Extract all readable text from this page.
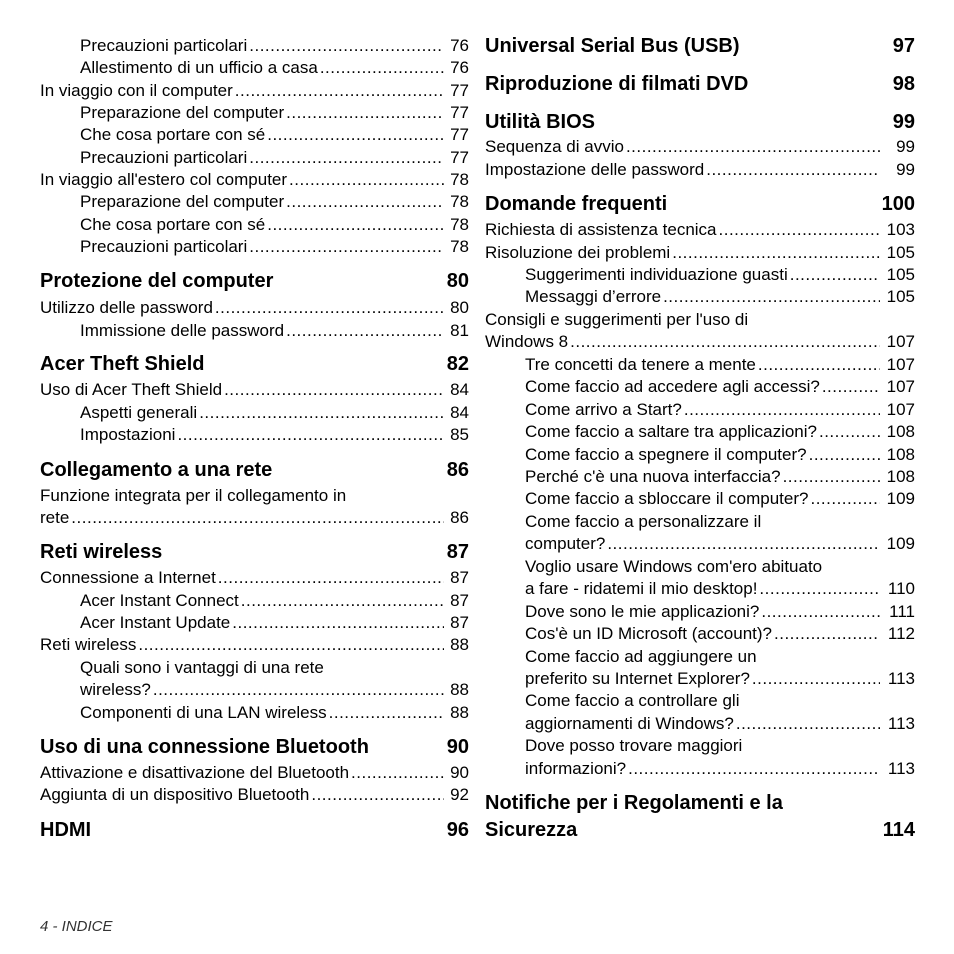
Precauzioni particolari .....	76
Allestimento di un ufficio a casa .....	76
In viaggio con il computer .....	77
Preparazione del computer .....	77
Che cosa portare con sé .....	77
Precauzioni particolari .....	77
In viaggio all'estero col computer .....	78
Preparazione del computer .....	78
Che cosa portare con sé .....	78
Precauzioni particolari .....	78
Protezione del computer	80
Utilizzo delle password .....	80
Immissione delle password .....	81
Acer Theft Shield	82
Uso di Acer Theft Shield .....	84
Aspetti generali .....	84
Impostazioni .....	85
Collegamento a una rete	86
Funzione integrata per il collegamento in
rete .....	86
Reti wireless	87
Connessione a Internet .....	87
Acer Instant Connect .....	87
Acer Instant Update .....	87
Reti wireless .....	88
Quali sono i vantaggi di una rete
wireless? .....	88
Componenti di una LAN wireless .....	88
Uso di una connessione Bluetooth	90
Attivazione e disattivazione del Bluetooth .....	90
Aggiunta di un dispositivo Bluetooth .....	92
HDMI	96
Universal Serial Bus (USB)	97
Riproduzione di filmati DVD	98
Utilità BIOS	99
Sequenza di avvio .....	99
Impostazione delle password .....	99
Domande frequenti	100
Richiesta di assistenza tecnica .....	103
Risoluzione dei problemi .....	105
Suggerimenti individuazione guasti .....	105
Messaggi d’errore .....	105
Consigli e suggerimenti per l'uso di
Windows 8 .....	107
Tre concetti da tenere a mente .....	107
Come faccio ad accedere agli accessi? .....	107
Come arrivo a Start? .....	107
Come faccio a saltare tra applicazioni? .....	108
Come faccio a spegnere il computer? .....	108
Perché c'è una nuova interfaccia? .....	108
Come faccio a sbloccare il computer? .....	109
Come faccio a personalizzare il
computer? .....	109
Voglio usare Windows com'ero abituato
a fare - ridatemi il mio desktop! .....	110
Dove sono le mie applicazioni? .....	111
Cos'è un ID Microsoft (account)? .....	112
Come faccio ad aggiungere un
preferito su Internet Explorer? .....	113
Come faccio a controllare gli
aggiornamenti di Windows? .....	113
Dove posso trovare maggiori
informazioni? .....	113
Notifiche per i Regolamenti e la
Sicurezza	114
4 - INDICE
